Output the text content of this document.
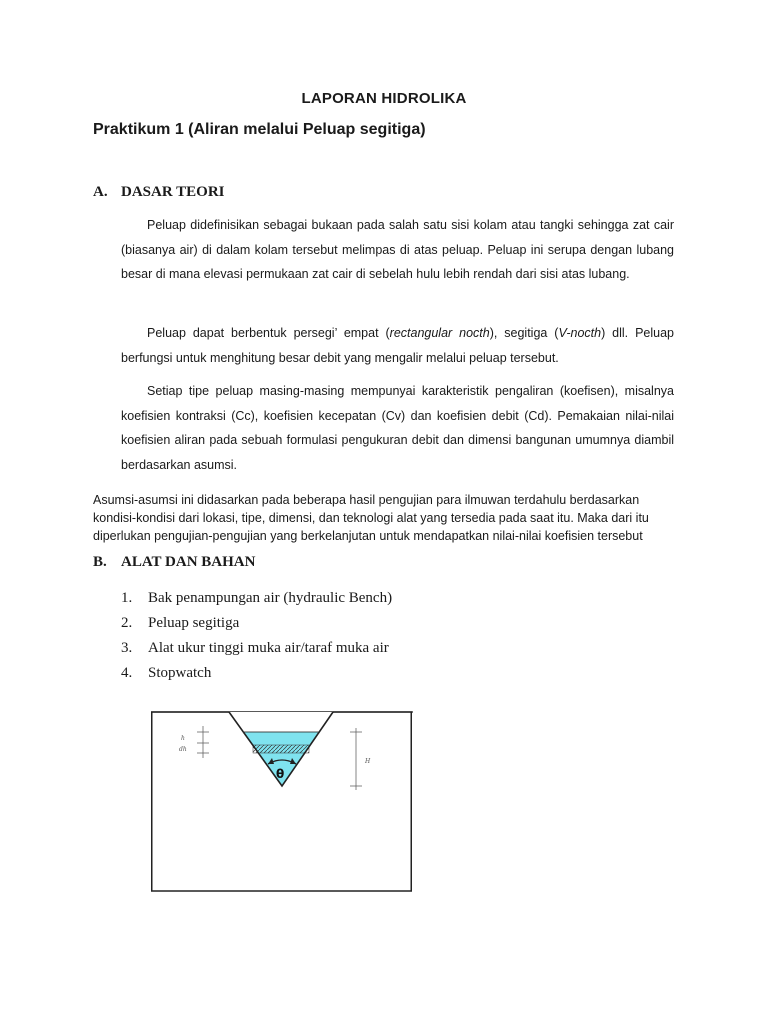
LAPORAN HIDROLIKA
Praktikum 1 (Aliran melalui Peluap segitiga)
A. DASAR TEORI

Peluap didefinisikan sebagai bukaan pada salah satu sisi kolam atau tangki sehingga zat cair (biasanya air) di dalam kolam tersebut melimpas di atas peluap. Peluap ini serupa dengan lubang besar di mana elevasi permukaan zat cair di sebelah hulu lebih rendah dari sisi atas lubang.

Peluap dapat berbentuk persegi’ empat (rectangular nocth), segitiga (V-nocth) dll. Peluap berfungsi untuk menghitung besar debit yang mengalir melalui peluap tersebut.

Setiap tipe peluap masing-masing mempunyai karakteristik pengaliran (koefisen), misalnya koefisien kontraksi (Cc), koefisien kecepatan (Cv) dan koefisien debit (Cd). Pemakaian nilai-nilai koefisien aliran pada sebuah formulasi pengukuran debit dan dimensi bangunan umumnya diambil berdasarkan asumsi.

Asumsi-asumsi ini didasarkan pada beberapa hasil pengujian para ilmuwan terdahulu berdasarkan kondisi-kondisi dari lokasi, tipe, dimensi, dan teknologi alat yang tersedia pada saat itu. Maka dari itu diperlukan pengujian-pengujian yang berkelanjutan untuk mendapatkan nilai-nilai koefisien tersebut

B. ALAT DAN BAHAN
1. Bak penampungan air (hydraulic Bench)
2. Peluap segitiga
3. Alat ukur tinggi muka air/taraf muka air
4. Stopwatch
θ
h
dh
H
